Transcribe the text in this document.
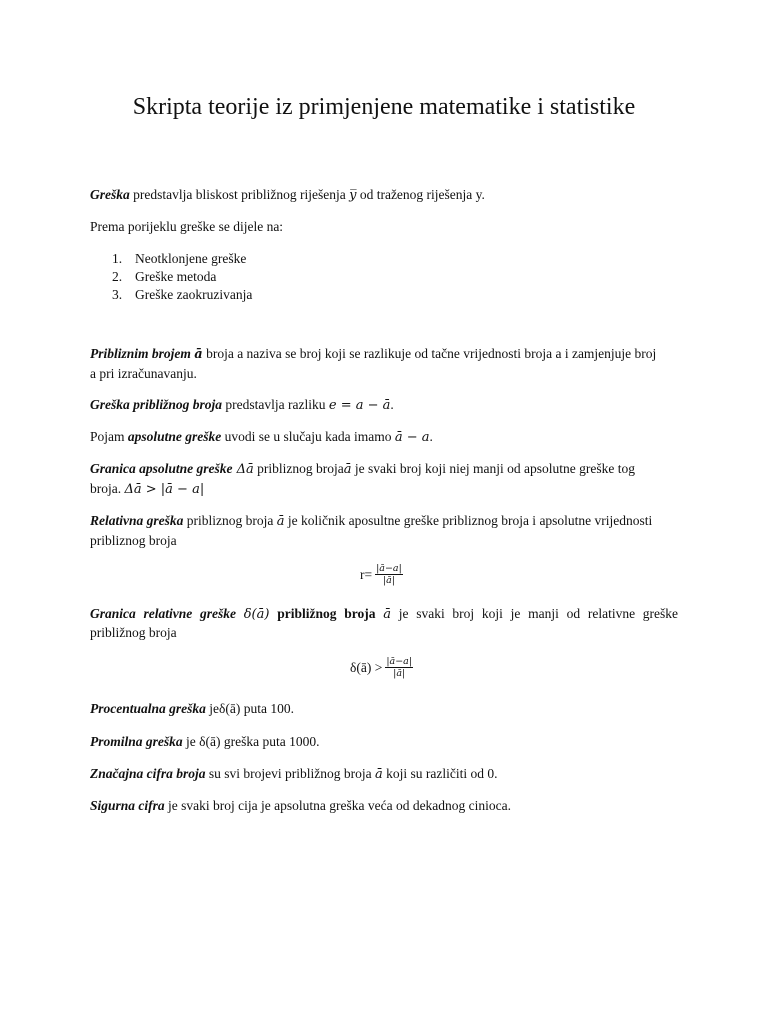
Skripta teorije iz primjenjene matematike i statistike
Greška predstavlja bliskost približnog riješenja y̅ od traženog riješenja y.
Prema porijeklu greške se dijele na:
1. Neotklonjene greške
2. Greške metoda
3. Greške zaokruzivanja
Pribliznim brojem ā broja a naziva se broj koji se razlikuje od tačne vrijednosti broja a i zamjenjuje broj
a pri izračunavanju.
Greška približnog broja predstavlja razliku e = a − ā.
Pojam apsolutne greške uvodi se u slučaju kada imamo ā − a.
Granica apsolutne greške Δā pribliznog brojaā je svaki broj koji niej manji od apsolutne greške tog
broja. Δā > |ā − a|
Relativna greška pribliznog broja ā je količnik aposultne greške pribliznog broja i apsolutne vrijednosti
pribliznog broja
$r= \frac{|ā-a|}{|ā|}$
Granica relativne greške δ(ā) približnog broja ā je svaki broj koji je manji od relativne greške
približnog broja
δ(ā) > $\frac{|ā-a|}{|ā|}$
Procentualna greška jeδ(ā) puta 100.
Promilna greška je δ(ā) greška puta 1000.
Značajna cifra broja su svi brojevi približnog broja ā koji su različiti od 0.
Sigurna cifra je svaki broj cija je apsolutna greška veća od dekadnog cinioca.
